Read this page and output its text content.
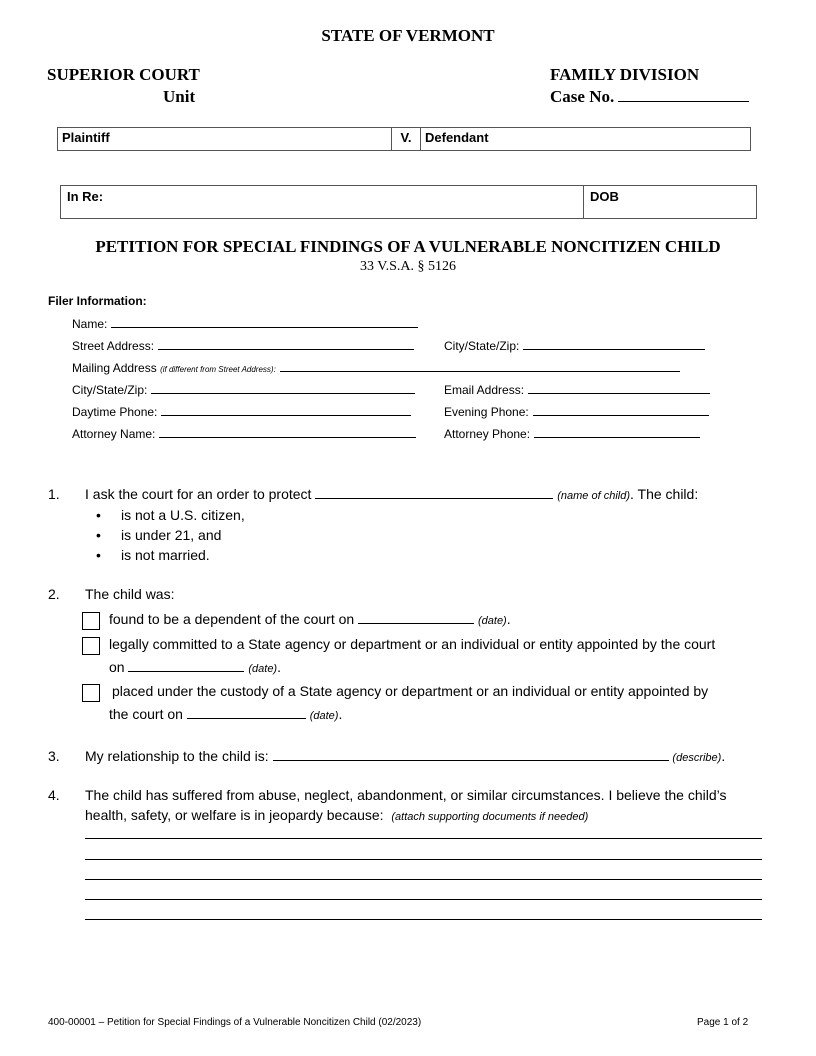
STATE OF VERMONT
SUPERIOR COURT
Unit
FAMILY DIVISION
Case No.
Plaintiff	V.	Defendant
In Re:	DOB
PETITION FOR SPECIAL FINDINGS OF A VULNERABLE NONCITIZEN CHILD
33 V.S.A. § 5126
Filer Information:
Name:
Street Address:	City/State/Zip:
Mailing Address (if different from Street Address):
City/State/Zip:	Email Address:
Daytime Phone:	Evening Phone:
Attorney Name:	Attorney Phone:
1. I ask the court for an order to protect	(name of child). The child:
• is not a U.S. citizen,
• is under 21, and
• is not married.
2. The child was:
found to be a dependent of the court on	(date).
legally committed to a State agency or department or an individual or entity appointed by the court
on	(date).
placed under the custody of a State agency or department or an individual or entity appointed by
the court on	(date).
3. My relationship to the child is:	(describe).
4. The child has suffered from abuse, neglect, abandonment, or similar circumstances. I believe the child’s
health, safety, or welfare is in jeopardy because: (attach supporting documents if needed)
400-00001 – Petition for Special Findings of a Vulnerable Noncitizen Child (02/2023)	Page 1 of 2
